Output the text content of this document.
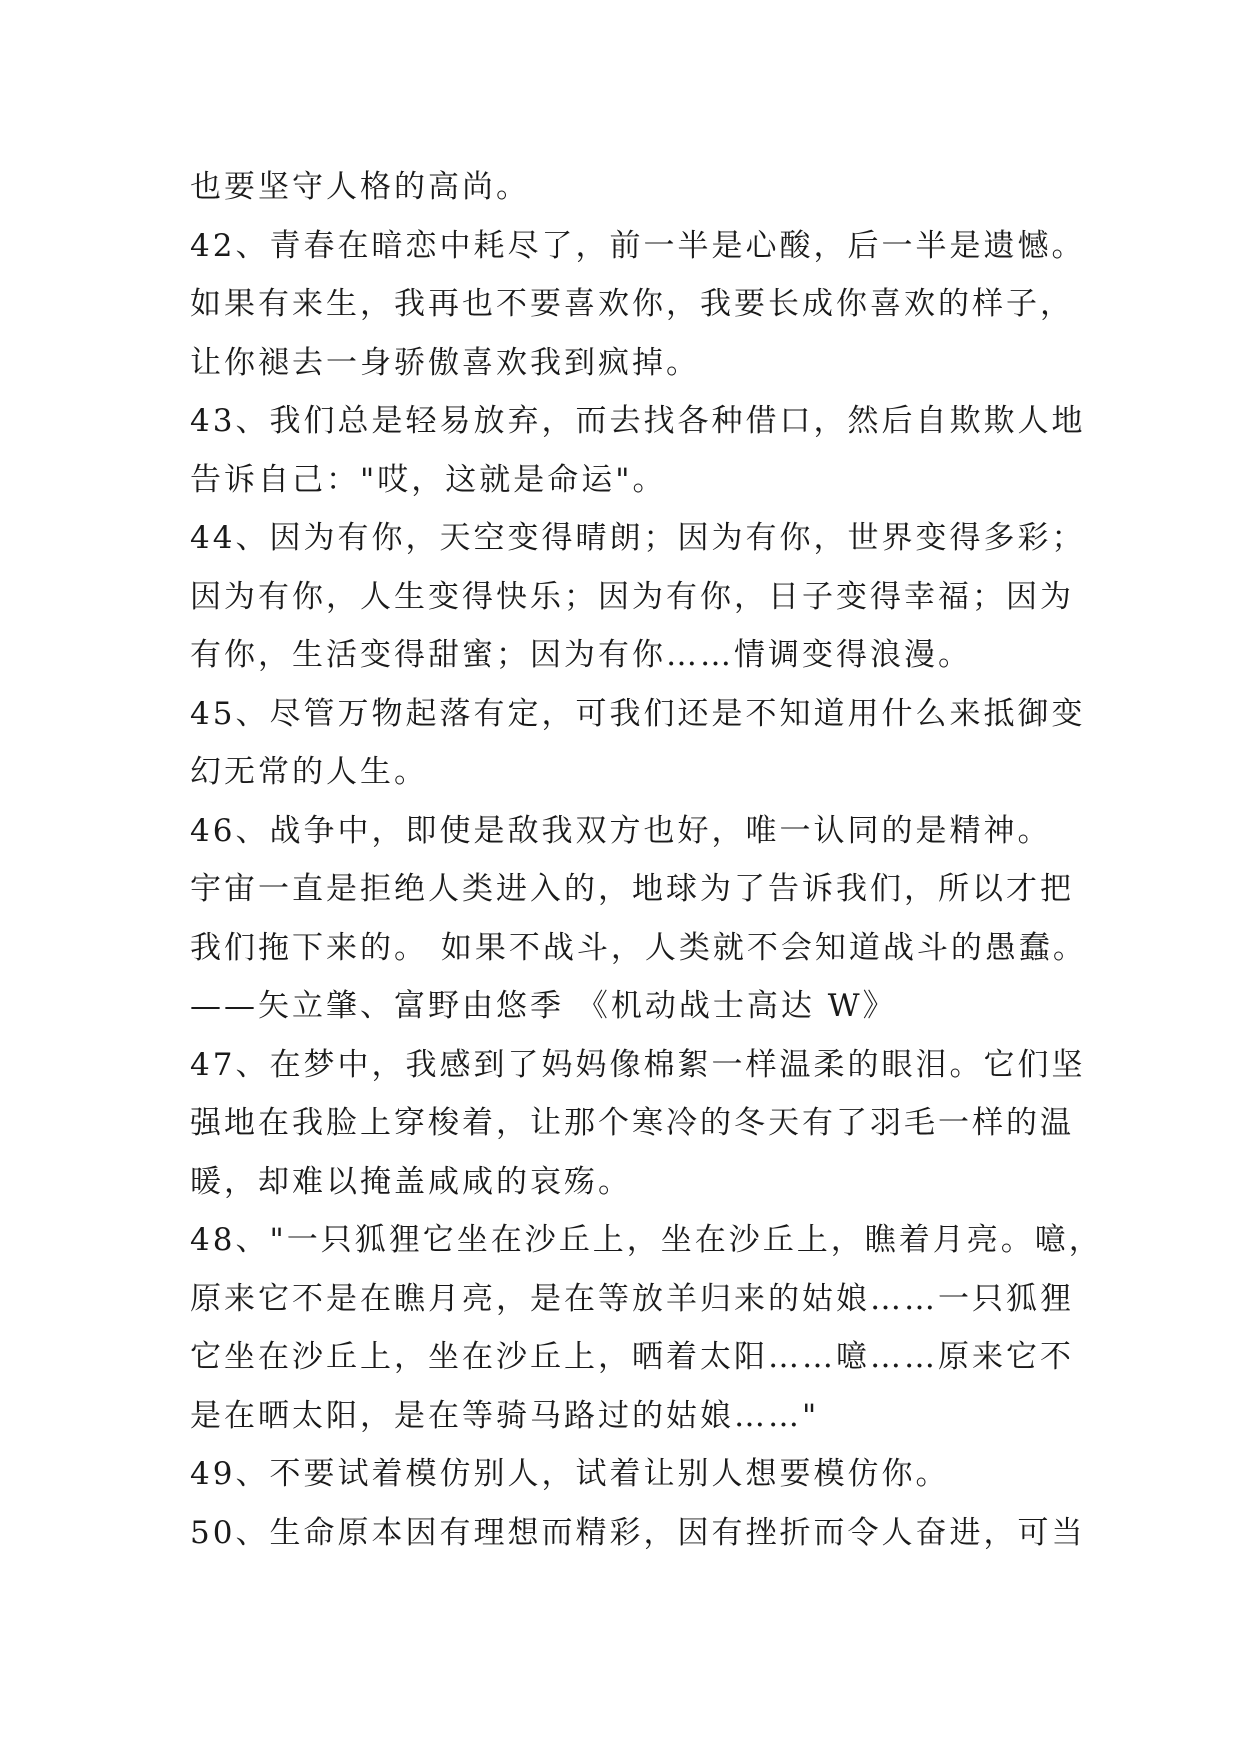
也要坚守人格的高尚。
42、青春在暗恋中耗尽了，前一半是心酸，后一半是遗憾。
如果有来生，我再也不要喜欢你，我要长成你喜欢的样子，
让你褪去一身骄傲喜欢我到疯掉。
43、我们总是轻易放弃，而去找各种借口，然后自欺欺人地
告诉自己："哎，这就是命运"。
44、因为有你，天空变得晴朗；因为有你，世界变得多彩；
因为有你，人生变得快乐；因为有你，日子变得幸福；因为
有你，生活变得甜蜜；因为有你……情调变得浪漫。
45、尽管万物起落有定，可我们还是不知道用什么来抵御变
幻无常的人生。
46、战争中，即使是敌我双方也好，唯一认同的是精神。
宇宙一直是拒绝人类进入的，地球为了告诉我们，所以才把
我们拖下来的。 如果不战斗，人类就不会知道战斗的愚蠢。
——矢立肇、富野由悠季 《机动战士高达 W》
47、在梦中，我感到了妈妈像棉絮一样温柔的眼泪。它们坚
强地在我脸上穿梭着，让那个寒冷的冬天有了羽毛一样的温
暖，却难以掩盖咸咸的哀殇。
48、"一只狐狸它坐在沙丘上，坐在沙丘上，瞧着月亮。噫，
原来它不是在瞧月亮，是在等放羊归来的姑娘……一只狐狸
它坐在沙丘上，坐在沙丘上，晒着太阳……噫……原来它不
是在晒太阳，是在等骑马路过的姑娘……"
49、不要试着模仿别人，试着让别人想要模仿你。
50、生命原本因有理想而精彩，因有挫折而令人奋进，可当
